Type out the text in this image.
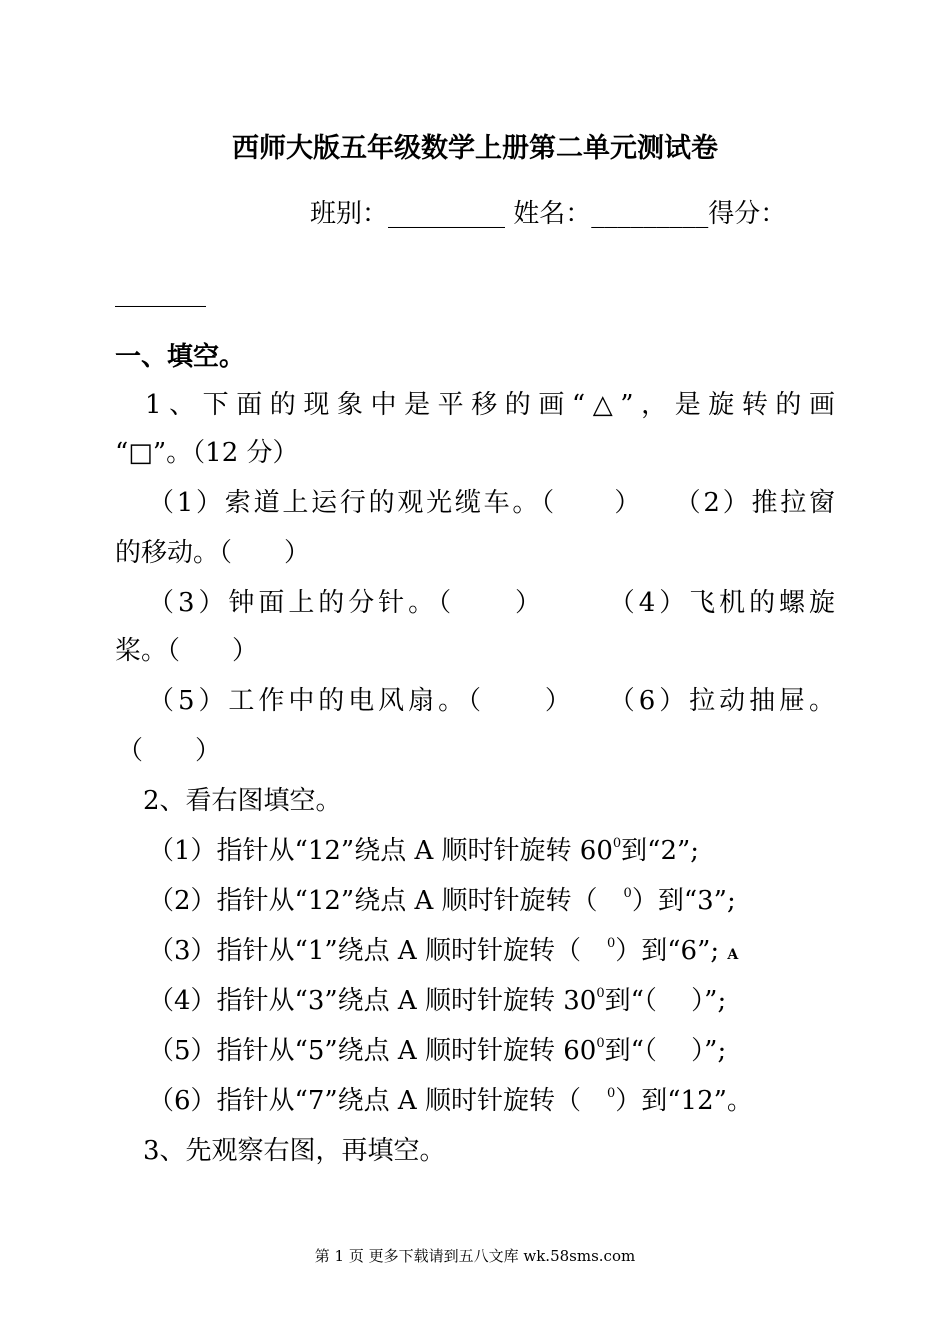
西师大版五年级数学上册第二单元测试卷
班别：_________ 姓名：_________得分：
_______
一、填空。
1、下面的现象中是平移的画“△”，是旋转的画
“□”。（12 分）
（1）索道上运行的观光缆车。（　　）　　（2）推拉窗
的移动。（　　）
（3）钟面上的分针。（　　）　　　（4）飞机的螺旋
桨。（　　）
（5）工作中的电风扇。（　　）　　（6）拉动抽屉。
（　　）
2、看右图填空。
（1）指针从“12”绕点 A 顺时针旋转 $60^0$到“2”;
（2）指针从“12”绕点 A 顺时针旋转（　$^0$）到“3”;
（3）指针从“1”绕点 A 顺时针旋转（　$^0$）到“6”; A
（4）指针从“3”绕点 A 顺时针旋转 $30^0$到“（　 ）”;
（5）指针从“5”绕点 A 顺时针旋转 $60^0$到“（　 ）”;
（6）指针从“7”绕点 A 顺时针旋转（　$^0$）到“12”。
3、先观察右图，再填空。
第 1 页 更多下载请到五八文库 wk.58sms.com
